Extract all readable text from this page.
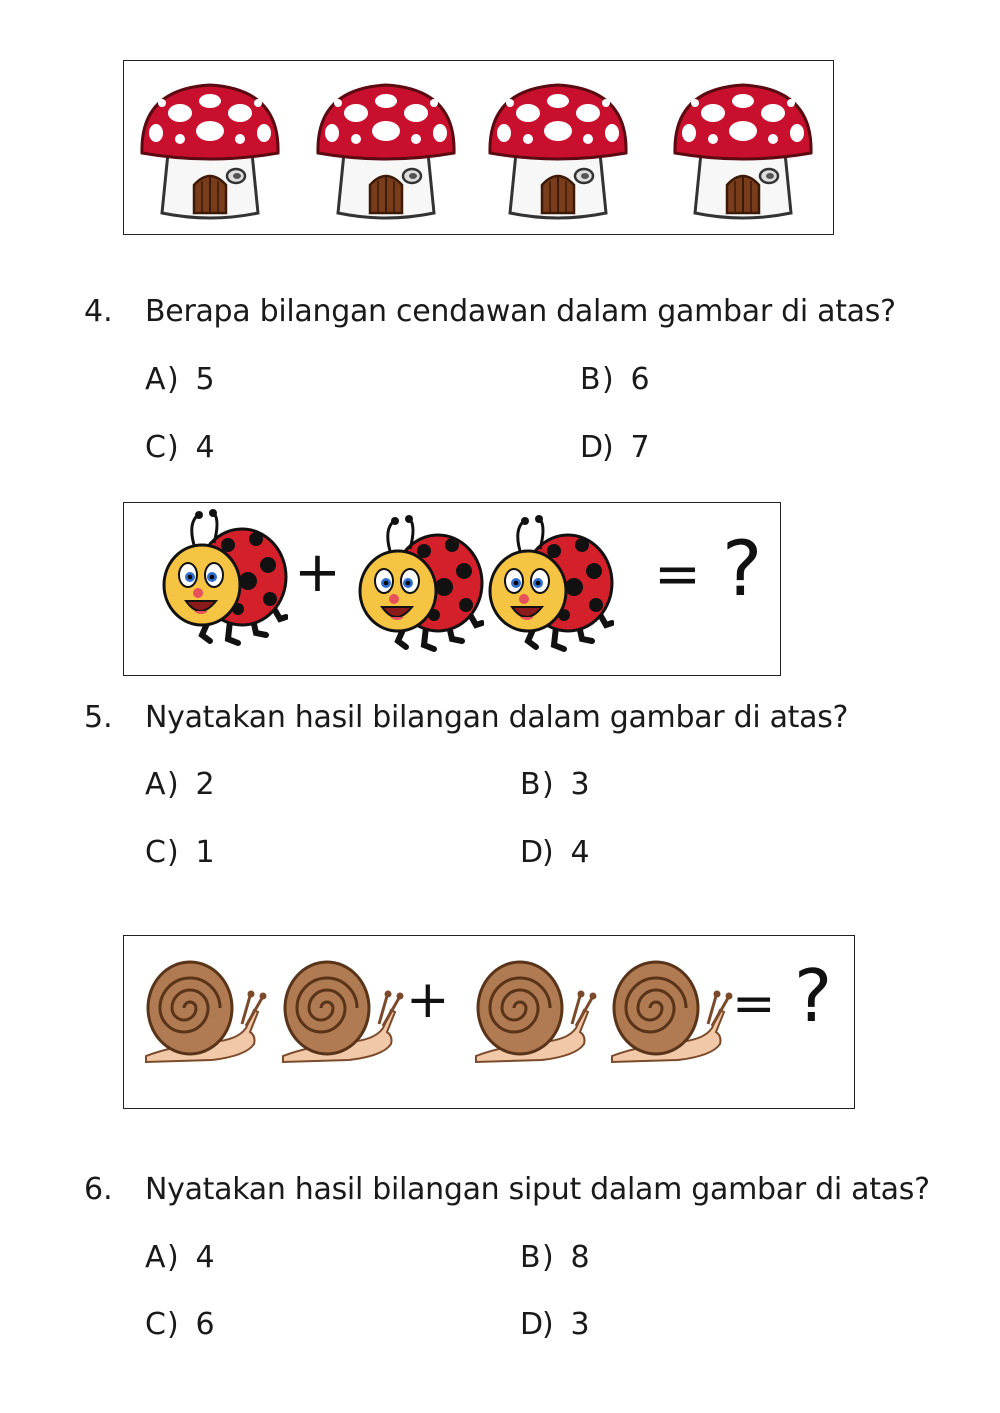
4. Berapa bilangan cendawan dalam gambar di atas?
A) 5	B) 6
C) 4	D) 7
+	= ?
5. Nyatakan hasil bilangan dalam gambar di atas?
A) 2	B) 3
C) 1	D) 4
+	= ?
6. Nyatakan hasil bilangan siput dalam gambar di atas?
A) 4	B) 8
C) 6	D) 3
